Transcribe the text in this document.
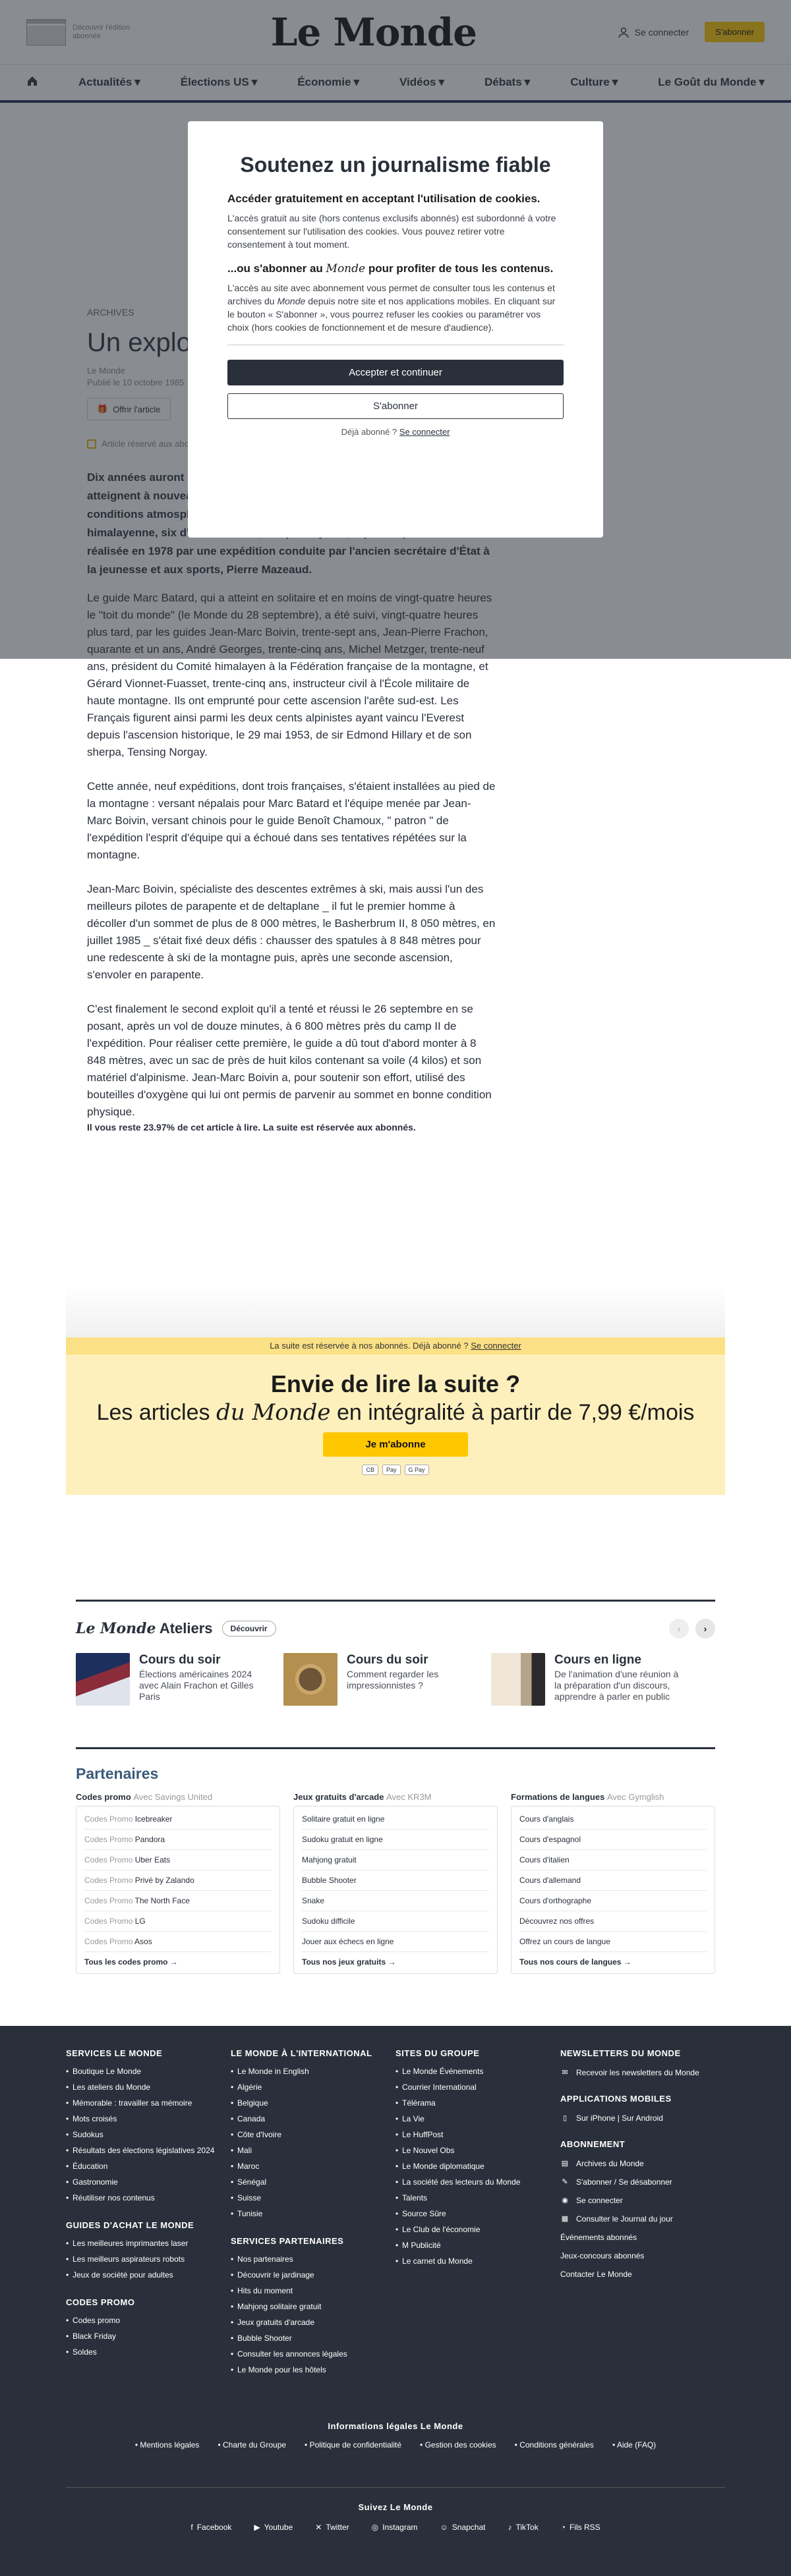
ans, président du Comité himalayen à la Fédération française de la montagne, et Gérard Vionnet-Fuasset, trente-cinq ans, instructeur civil à l'École militaire de haute montagne. Ils ont emprunté pour cette ascension l'arête sud-est. Les Français figurent ainsi parmi les deux cents alpinistes ayant vaincu l'Everest depuis l'ascension historique, le 29 mai 1953, de sir Edmond Hillary et de son sherpa, Tensing Norgay.

Cette année, neuf expéditions, dont trois françaises, s'étaient installées au pied de la montagne : versant népalais pour Marc Batard et l'équipe menée par Jean-Marc Boivin, versant chinois pour le guide Benoît Chamoux, " patron " de l'expédition l'esprit d'équipe qui a échoué dans ses tentatives répétées sur la montagne.

Jean-Marc Boivin, spécialiste des descentes extrêmes à ski, mais aussi l'un des meilleurs pilotes de parapente et de deltaplane _ il fut le premier homme à décoller d'un sommet de plus de 8 000 mètres, le Basherbrum II, 8 050 mètres, en juillet 1985 _ s'était fixé deux défis : chausser des spatules à 8 848 mètres pour une redescente à ski de la montagne puis, après une seconde ascension, s'envoler en parapente.

C'est finalement le second exploit qu'il a tenté et réussi le 26 septembre en se posant, après un vol de douze minutes, à 6 800 mètres près du camp II de l'expédition. Pour réaliser cette première, le guide a dû tout d'abord monter à 8 848 mètres, avec un sac de près de huit kilos contenant sa voile (4 kilos) et son matériel d'alpinisme. Jean-Marc Boivin a, pour soutenir son effort, utilisé des bouteilles d'oxygène qui lui ont permis de parvenir au sommet en bonne condition physique.

Il vous reste 23.97% de cet article à lire. La suite est réservée aux abonnés.
La suite est réservée à nos abonnés. Déjà abonné ? Se connecter
Envie de lire la suite ?
Les articles du Monde en intégralité à partir de 7,99 €/mois
Je m'abonne
CB	Pay	G Pay
Le Monde Ateliers	Découvrir	‹	›
Cours du soir

Élections américaines 2024 avec Alain Frachon et Gilles Paris

Cours du soir

Comment regarder les impressionnistes ?

Cours en ligne

De l'animation d'une réunion à la préparation d'un discours, apprendre à parler en public

Partenaires
Codes promo Avec Savings United
Codes Promo Icebreaker
Codes Promo Pandora
Codes Promo Uber Eats
Codes Promo Privé by Zalando
Codes Promo The North Face
Codes Promo LG
Codes Promo Asos
Tous les codes promo →
Jeux gratuits d'arcade Avec KR3M
Solitaire gratuit en ligne
Sudoku gratuit en ligne
Mahjong gratuit
Bubble Shooter
Snake
Sudoku difficile
Jouer aux échecs en ligne
Tous nos jeux gratuits →
Formations de langues Avec Gymglish
Cours d'anglais
Cours d'espagnol
Cours d'italien
Cours d'allemand
Cours d'orthographe
Découvrez nos offres
Offrez un cours de langue
Tous nos cours de langues →
SERVICES LE MONDE
• Boutique Le Monde
• Les ateliers du Monde
• Mémorable : travailler sa mémoire
• Mots croisés
• Sudokus
• Résultats des élections législatives 2024
• Éducation
• Gastronomie
• Réutiliser nos contenus
GUIDES D'ACHAT LE MONDE
• Les meilleures imprimantes laser
• Les meilleurs aspirateurs robots
• Jeux de société pour adultes
CODES PROMO
• Codes promo
• Black Friday
• Soldes
LE MONDE À L'INTERNATIONAL
• Le Monde in English
• Algérie
• Belgique
• Canada
• Côte d'Ivoire
• Mali
• Maroc
• Sénégal
• Suisse
• Tunisie
SERVICES PARTENAIRES
• Nos partenaires
• Découvrir le jardinage
• Hits du moment
• Mahjong solitaire gratuit
• Jeux gratuits d'arcade
• Bubble Shooter
• Consulter les annonces légales
• Le Monde pour les hôtels
SITES DU GROUPE
• Le Monde Événements
• Courrier International
• Télérama
• La Vie
• Le HuffPost
• Le Nouvel Obs
• Le Monde diplomatique
• La société des lecteurs du Monde
• Talents
• Source Sûre
• Le Club de l'économie
• M Publicité
• Le carnet du Monde
NEWSLETTERS DU MONDE
✉ Recevoir les newsletters du Monde
APPLICATIONS MOBILES
▯	Sur iPhone | Sur Android
ABONNEMENT
▤ Archives du Monde
✎ S'abonner / Se désabonner
◉ Se connecter
▦ Consulter le Journal du jour
Événements abonnés
Jeux-concours abonnés
Contacter Le Monde
Informations légales Le Monde
• Mentions légales	• Charte du Groupe	• Politique de confidentialité	• Gestion des cookies	• Conditions générales	• Aide (FAQ)
Suivez Le Monde
f Facebook	▶ Youtube	✕ Twitter	◎ Instagram	☺ Snapchat	♪ TikTok	◔ Fils RSS
Soutenez un journalisme fiable
Accéder gratuitement en acceptant l'utilisation de cookies.

L'accès gratuit au site (hors contenus exclusifs abonnés) est subordonné à votre consentement sur l'utilisation des cookies. Vous pouvez retirer votre consentement à tout moment.

...ou s'abonner au Monde pour profiter de tous les contenus.

L'accès au site avec abonnement vous permet de consulter tous les contenus et archives du Monde depuis notre site et nos applications mobiles. En cliquant sur le bouton « S'abonner », vous pourrez refuser les cookies ou paramétrer vos choix (hors cookies de fonctionnement et de mesure d'audience).

Accepter et continuer
S'abonner
Déjà abonné ? Se connecter
